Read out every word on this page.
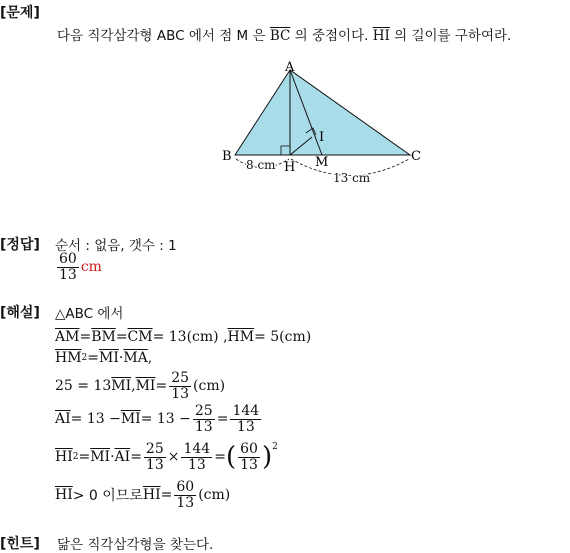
[문제]
다음 직각삼각형 ABC 에서 점 M 은 $\overline{BC}$ 의 중점이다. $\overline{HI}$ 의 길이를 구하여라.
A
B	C
H M
I
8 cm
13 cm
[정답] 순서 : 없음, 갯수 : 1
$\frac{60}{13}$ cm
[해설] △ABC 에서
$\overline{AM} = \overline{BM} = \overline{CM} = 13(cm)$ , $\overline{HM} = 5(cm)$
$\overline{HM}$ $2 = \overline{MI} \cdot \overline{MA}$ ,
25 = 13 $\overline{MI}$ , $\overline{MI} = \frac{25}{13} (cm)$
$\overline{AI} = 13 - \overline{MI} = 13 - \frac{25}{13} = \frac{144}{13}$
$\overline{HI}$ $2 = \overline{MI} \cdot \overline{AI} = \frac{25}{13} \times \frac{144}{13}$ = ( $\frac{60}{13} )^2$
$\overline{HI} > 0$ 이므로 $\overline{HI} = \frac{60}{13} (cm)$
[힌트] 닮은 직각삼각형을 찾는다.
